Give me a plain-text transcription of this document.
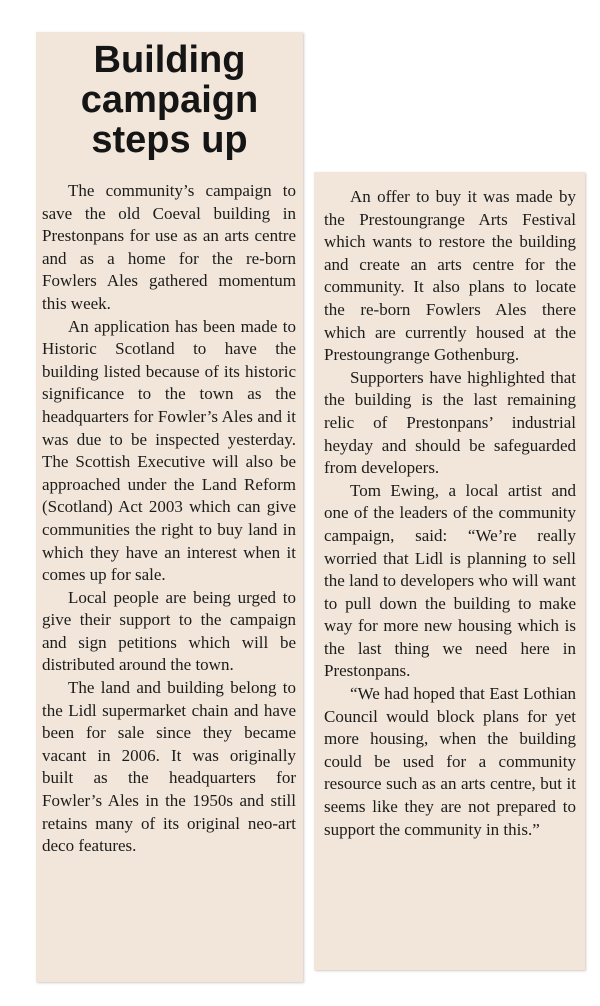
Building
campaign
steps up

The community’s campaign to save the old Coeval building in Prestonpans for use as an arts centre and as a home for the re-born Fowlers Ales gathered momentum this week.

An application has been made to Historic Scotland to have the building listed because of its historic significance to the town as the headquarters for Fowler’s Ales and it was due to be inspected yesterday. The Scottish Executive will also be approached under the Land Reform (Scotland) Act 2003 which can give communities the right to buy land in which they have an interest when it comes up for sale.

Local people are being urged to give their support to the campaign and sign petitions which will be distributed around the town.

The land and building belong to the Lidl supermarket chain and have been for sale since they became vacant in 2006. It was originally built as the headquarters for Fowler’s Ales in the 1950s and still retains many of its original neo-art deco features.

An offer to buy it was made by the Prestoungrange Arts Festival which wants to restore the building and create an arts centre for the community. It also plans to locate the re-born Fowlers Ales there which are currently housed at the Prestoungrange Gothenburg.

Supporters have highlighted that the building is the last remaining relic of Prestonpans’ industrial heyday and should be safeguarded from developers.

Tom Ewing, a local artist and one of the leaders of the community campaign, said: “We’re really worried that Lidl is planning to sell the land to developers who will want to pull down the building to make way for more new housing which is the last thing we need here in Prestonpans.

“We had hoped that East Lothian Council would block plans for yet more housing, when the building could be used for a community resource such as an arts centre, but it seems like they are not prepared to support the community in this.”
